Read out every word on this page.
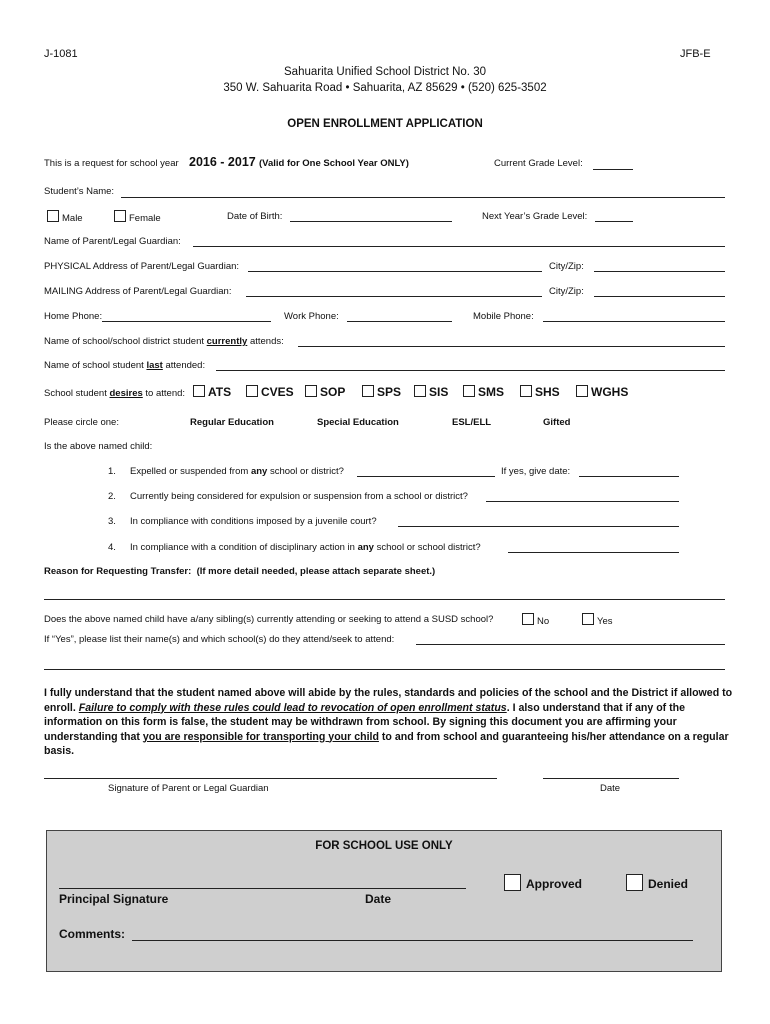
J-1081	JFB-E
Sahuarita Unified School District No. 30
350 W. Sahuarita Road • Sahuarita, AZ 85629 • (520) 625-3502
OPEN ENROLLMENT APPLICATION
This is a request for school year 2016 - 2017 (Valid for One School Year ONLY)	Current Grade Level:
Student’s Name:
Male	Female	Date of Birth:	Next Year’s Grade Level:
Name of Parent/Legal Guardian:
PHYSICAL Address of Parent/Legal Guardian:	City/Zip:
MAILING Address of Parent/Legal Guardian:	City/Zip:
Home Phone:	Work Phone:	Mobile Phone:
Name of school/school district student currently attends:
Name of school student last attended:
School student desires to attend:	ATS	CVES	SOP	SPS	SIS	SMS	SHS	WGHS
Please circle one:	Regular Education	Special Education	ESL/ELL	Gifted
Is the above named child:
1. Expelled or suspended from any school or district?	If yes, give date:
2. Currently being considered for expulsion or suspension from a school or district?
3. In compliance with conditions imposed by a juvenile court?
4. In compliance with a condition of disciplinary action in any school or school district?
Reason for Requesting Transfer: (If more detail needed, please attach separate sheet.)
Does the above named child have a/any sibling(s) currently attending or seeking to attend a SUSD school?	No	Yes
If “Yes”, please list their name(s) and which school(s) do they attend/seek to attend:
I fully understand that the student named above will abide by the rules, standards and policies of the school and the District if allowed to enroll. Failure to comply with these rules could lead to revocation of open enrollment status. I also understand that if any of the information on this form is false, the student may be withdrawn from school. By signing this document you are affirming your understanding that you are responsible for transporting your child to and from school and guaranteeing his/her attendance on a regular basis.
Signature of Parent or Legal Guardian	Date
FOR SCHOOL USE ONLY
Approved	Denied
Principal Signature	Date
Comments:
